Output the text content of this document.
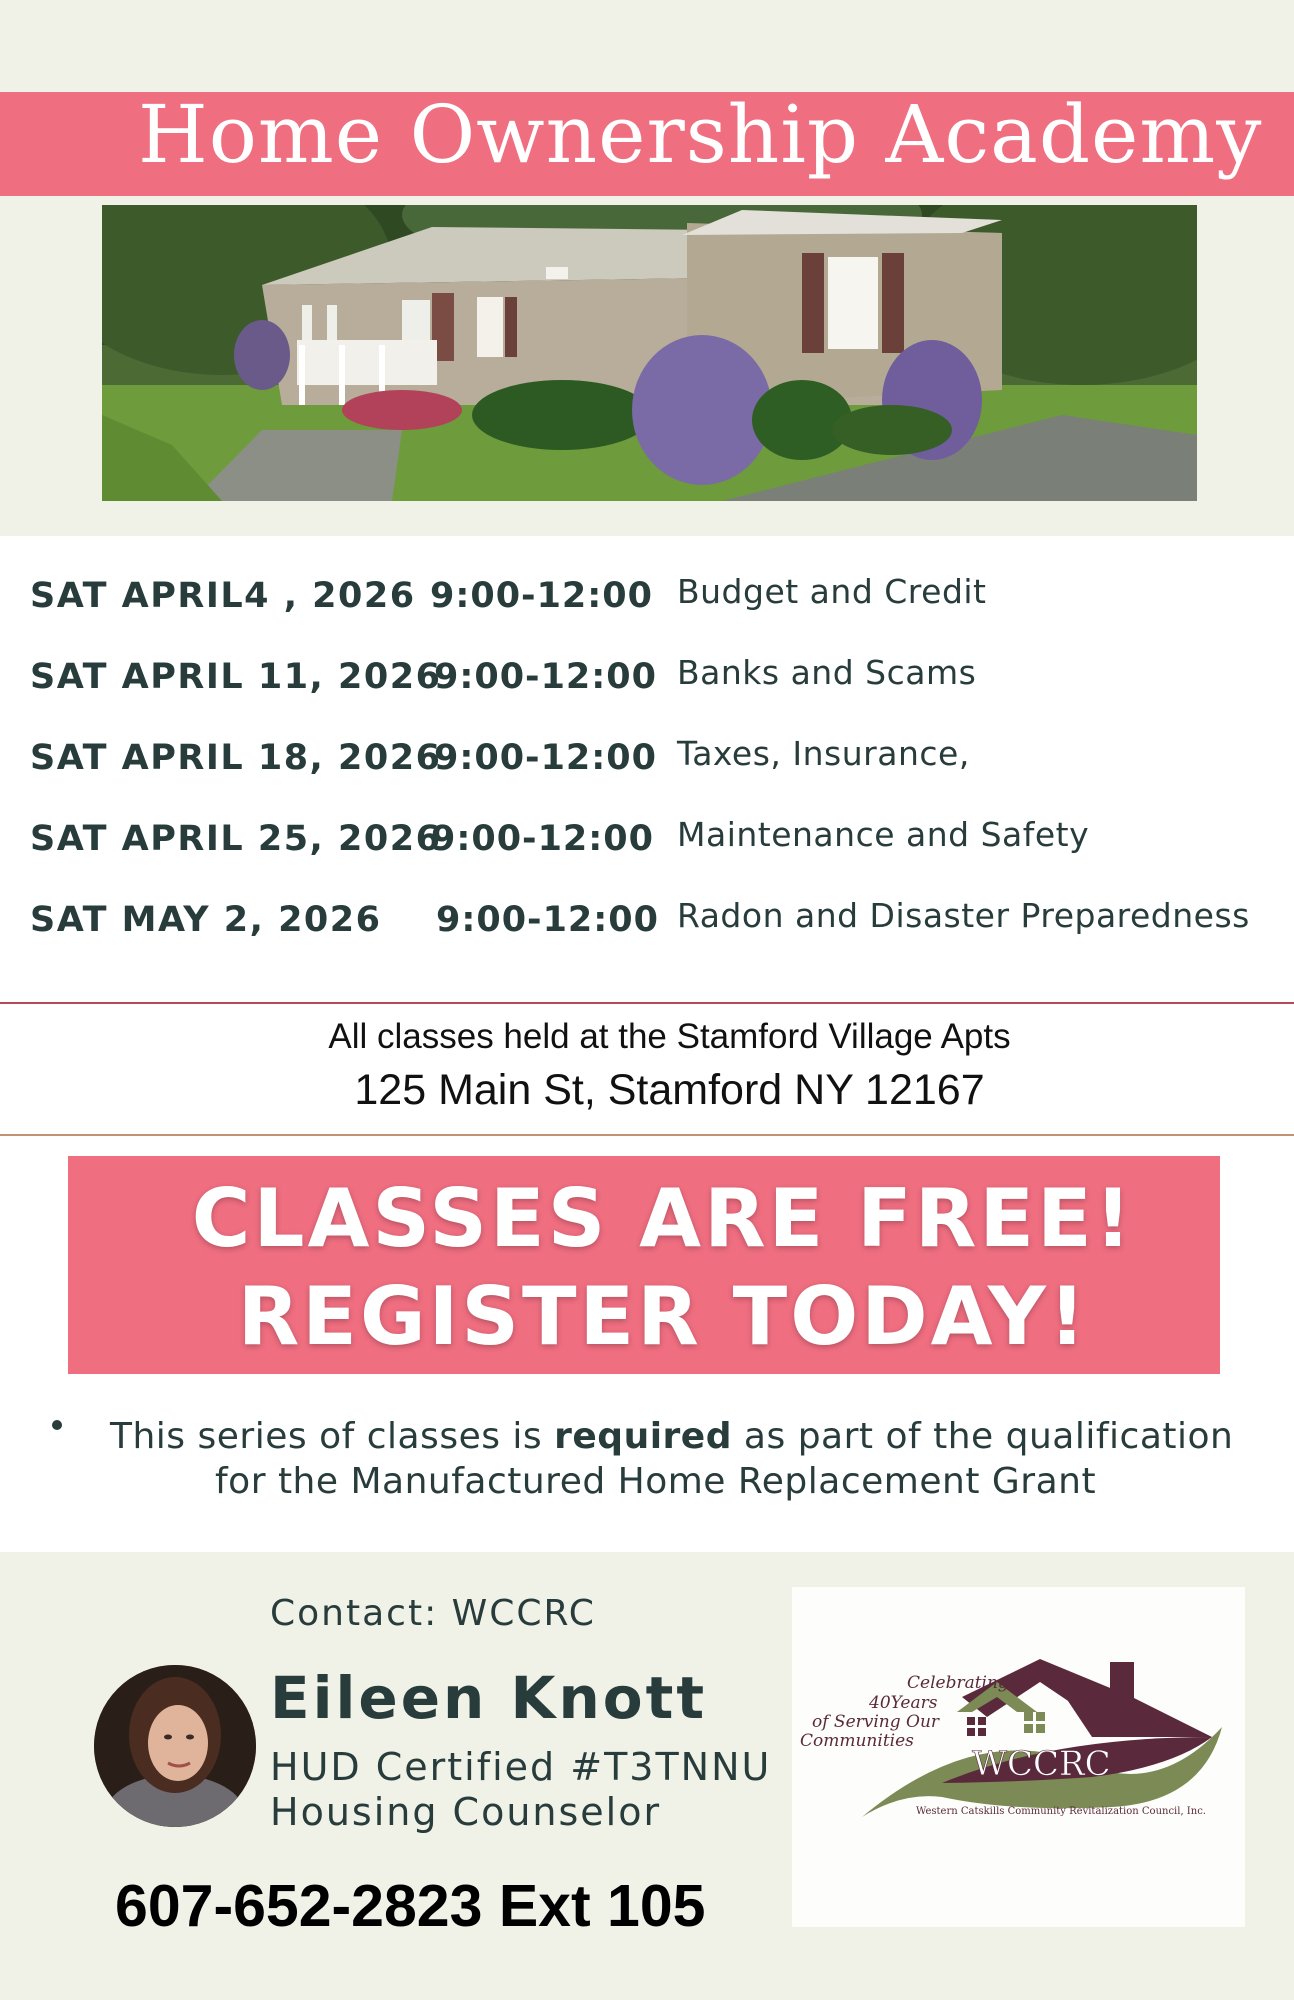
Home Ownership Academy
SAT APRIL4 , 2026 9:00-12:00 Budget and Credit
SAT APRIL 11, 2026
9:00-12:00 Banks and Scams
SAT APRIL 18, 2026
9:00-12:00 Taxes, Insurance,
SAT APRIL 25, 2026
9:00-12:00 Maintenance and Safety
SAT MAY 2, 2026 9:00-12:00 Radon and Disaster Preparedness
All classes held at the Stamford Village Apts
125 Main St, Stamford NY 12167
CLASSES ARE FREE!
REGISTER TODAY!
This series of classes is required as part of the qualification
for the Manufactured Home Replacement Grant
Contact: WCCRC
Eileen Knott
HUD Certified #T3TNNU
Housing Counselor
607-652-2823 Ext 105
Celebrating
40Years
of Serving Our
Communities
WCCRC
Western Catskills Community Revitalization Council, Inc.
